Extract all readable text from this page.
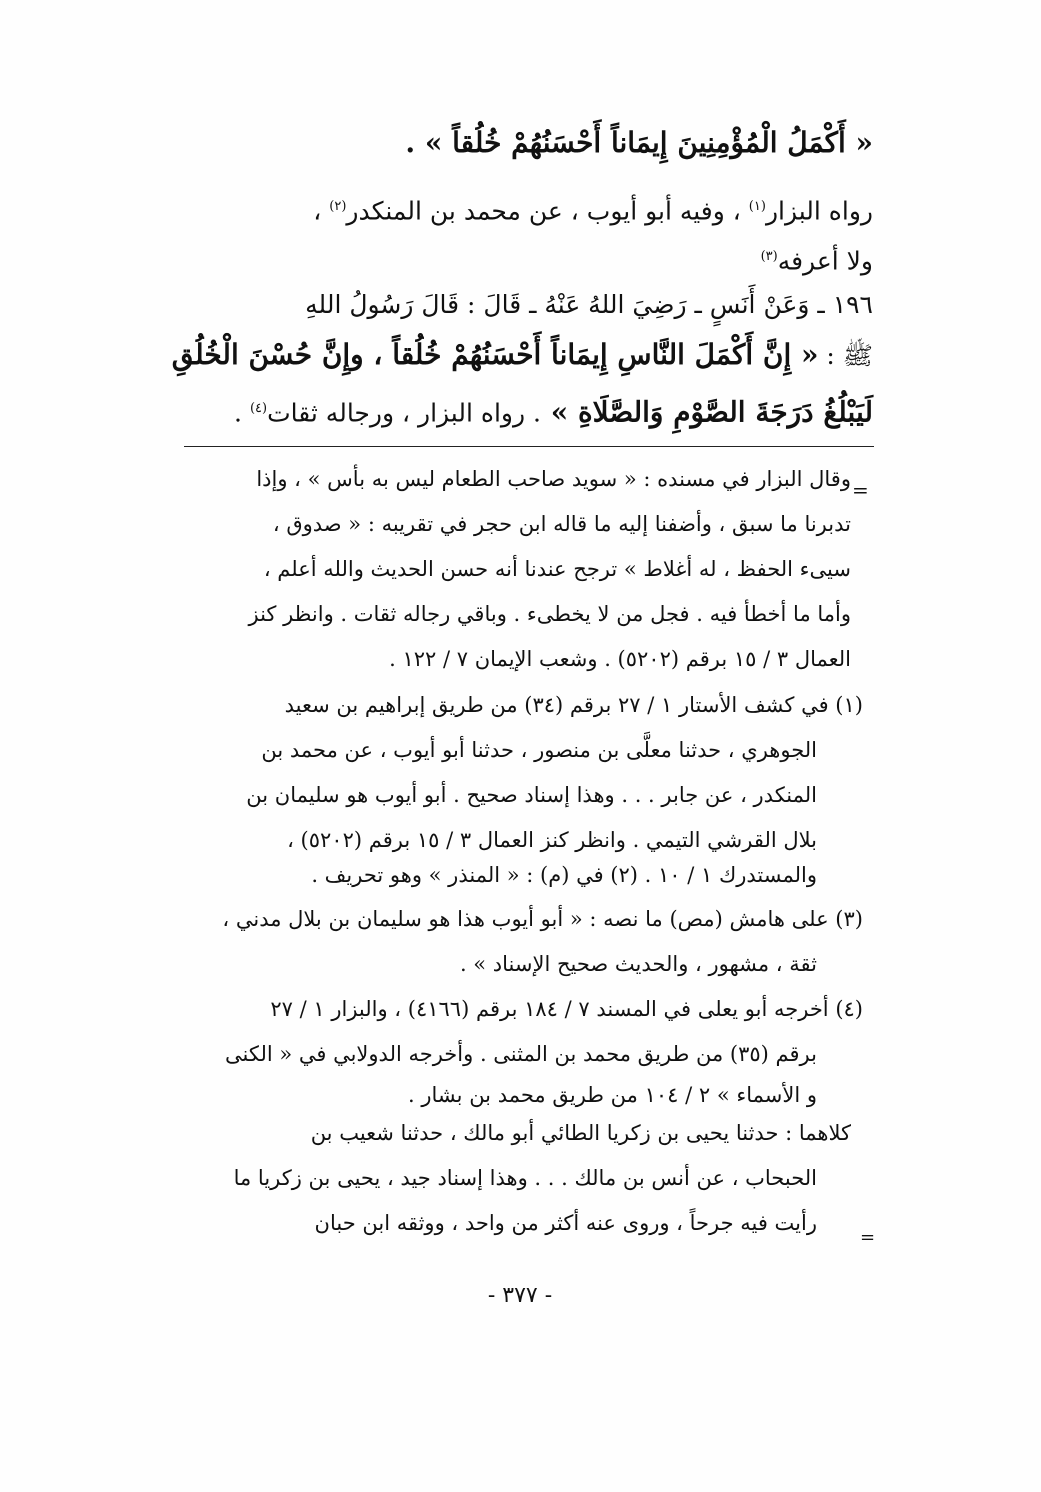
« أَكْمَلُ الْمُؤْمِنِينَ إِيمَاناً أَحْسَنُهُمْ خُلُقاً » .
رواه البزار$^{(١)}$ ، وفيه أبو أيوب ، عن محمد بن المنكدر$^{(٢)}$ ،
ولا أعرفه$^{(٣)}$
١٩٦ ـ وَعَنْ أَنَسٍ ـ رَضِيَ اللهُ عَنْهُ ـ قَالَ : قَالَ رَسُولُ اللهِ
ﷺ : « إِنَّ أَكْمَلَ النَّاسِ إِيمَاناً أَحْسَنُهُمْ خُلُقاً ، وإِنَّ حُسْنَ الْخُلُقِ
لَيَبْلُغُ دَرَجَةَ الصَّوْمِ وَالصَّلَاةِ » . رواه البزار ، ورجاله ثقات$^{(٤)}$ .
=
وقال البزار في مسنده : « سويد صاحب الطعام ليس به بأس » ، وإذا
تدبرنا ما سبق ، وأضفنا إليه ما قاله ابن حجر في تقريبه : « صدوق ،
سيىء الحفظ ، له أغلاط » ترجح عندنا أنه حسن الحديث والله أعلم ،
وأما ما أخطأ فيه . فجل من لا يخطىء . وباقي رجاله ثقات . وانظر كنز
العمال ٣ / ١٥ برقم (٥٢٠٢) . وشعب الإيمان ٧ / ١٢٢ .
(١) في كشف الأستار ١ / ٢٧ برقم (٣٤) من طريق إبراهيم بن سعيد
الجوهري ، حدثنا معلَّى بن منصور ، حدثنا أبو أيوب ، عن محمد بن
المنكدر ، عن جابر . . . وهذا إسناد صحيح . أبو أيوب هو سليمان بن
بلال القرشي التيمي . وانظر كنز العمال ٣ / ١٥ برقم (٥٢٠٢) ،
والمستدرك ١ / ١٠ . (٢) في (م) : « المنذر » وهو تحريف .
(٣) على هامش (مص) ما نصه : « أبو أيوب هذا هو سليمان بن بلال مدني ،
ثقة ، مشهور ، والحديث صحيح الإسناد » .
(٤) أخرجه أبو يعلى في المسند ٧ / ١٨٤ برقم (٤١٦٦) ، والبزار ١ / ٢٧
برقم (٣٥) من طريق محمد بن المثنى . وأخرجه الدولابي في « الكنى
و الأسماء » ٢ / ١٠٤ من طريق محمد بن بشار .
كلاهما : حدثنا يحيى بن زكريا الطائي أبو مالك ، حدثنا شعيب بن
الحبحاب ، عن أنس بن مالك . . . وهذا إسناد جيد ، يحيى بن زكريا ما
رأيت فيه جرحاً ، وروى عنه أكثر من واحد ، ووثقه ابن حبان
=
- ٣٧٧ -
